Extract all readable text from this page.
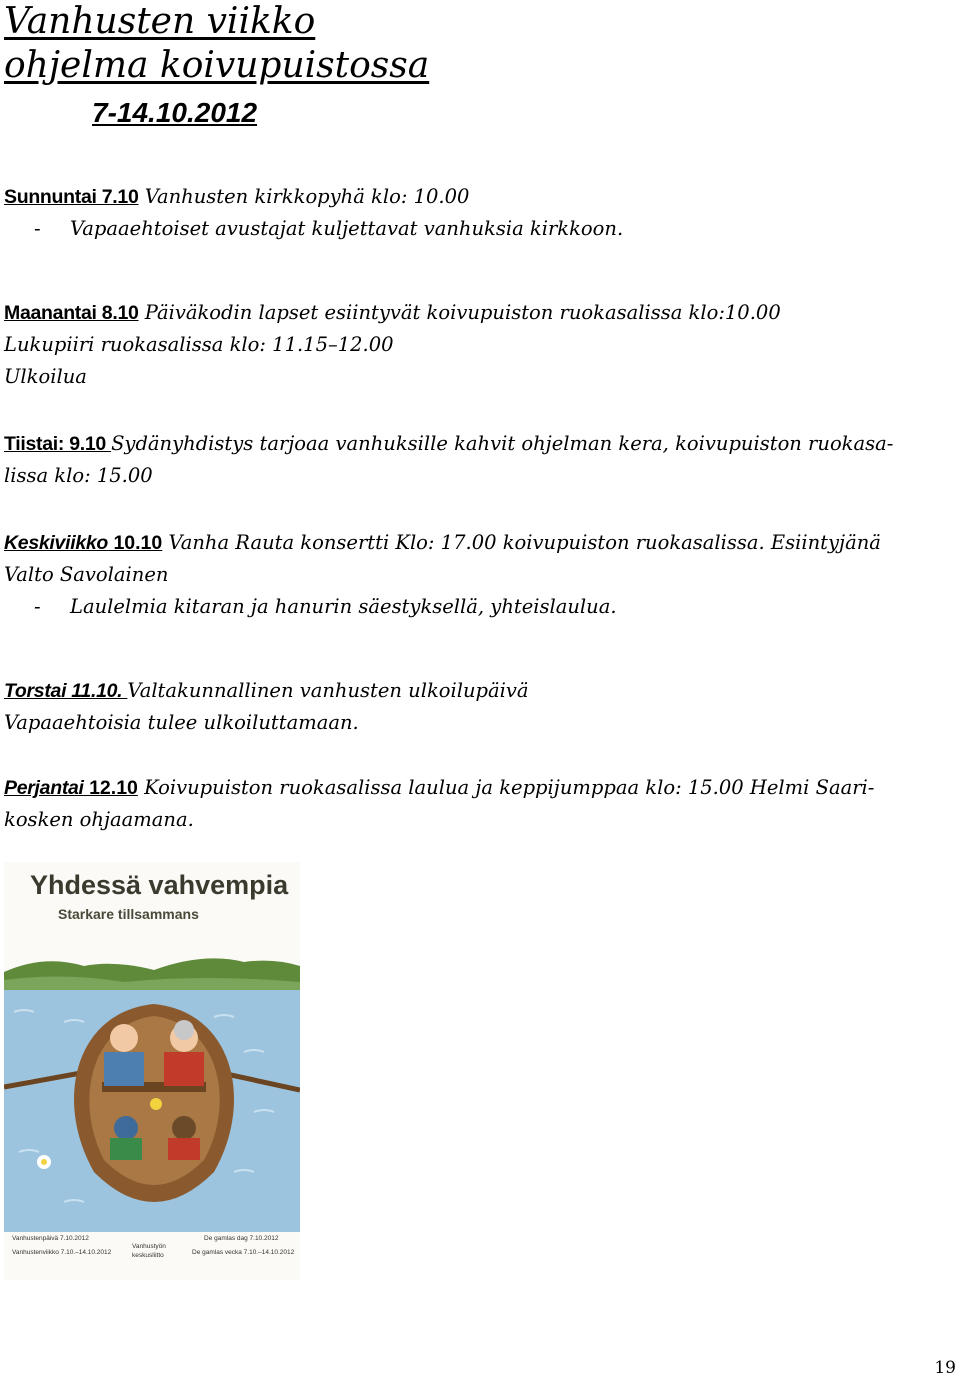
Vanhusten viikko
ohjelma koivupuistossa
7-14.10.2012
Sunnuntai 7.10 Vanhusten kirkkopyhä klo: 10.00
- Vapaaehtoiset avustajat kuljettavat vanhuksia kirkkoon.
Maanantai 8.10 Päiväkodin lapset esiintyvät koivupuiston ruokasalissa klo:10.00
Lukupiiri ruokasalissa klo: 11.15–12.00
Ulkoilua
Tiistai: 9.10 Sydänyhdistys tarjoaa vanhuksille kahvit ohjelman kera, koivupuiston ruokasa-
lissa klo: 15.00
Keskiviikko 10.10 Vanha Rauta konsertti Klo: 17.00 koivupuiston ruokasalissa. Esiintyjänä
Valto Savolainen
- Laulelmia kitaran ja hanurin säestyksellä, yhteislaulua.
Torstai 11.10. Valtakunnallinen vanhusten ulkoilupäivä
Vapaaehtoisia tulee ulkoiluttamaan.
Perjantai 12.10 Koivupuiston ruokasalissa laulua ja keppijumppaa klo: 15.00 Helmi Saari-
kosken ohjaamana.
Yhdessä vahvempia
Starkare tillsammans
Vanhustenpäivä 7.10.2012
Vanhustenviikko 7.10.–14.10.2012
Vanhustyön keskusliitto
De gamlas dag 7.10.2012
De gamlas vecka 7.10.–14.10.2012
19
